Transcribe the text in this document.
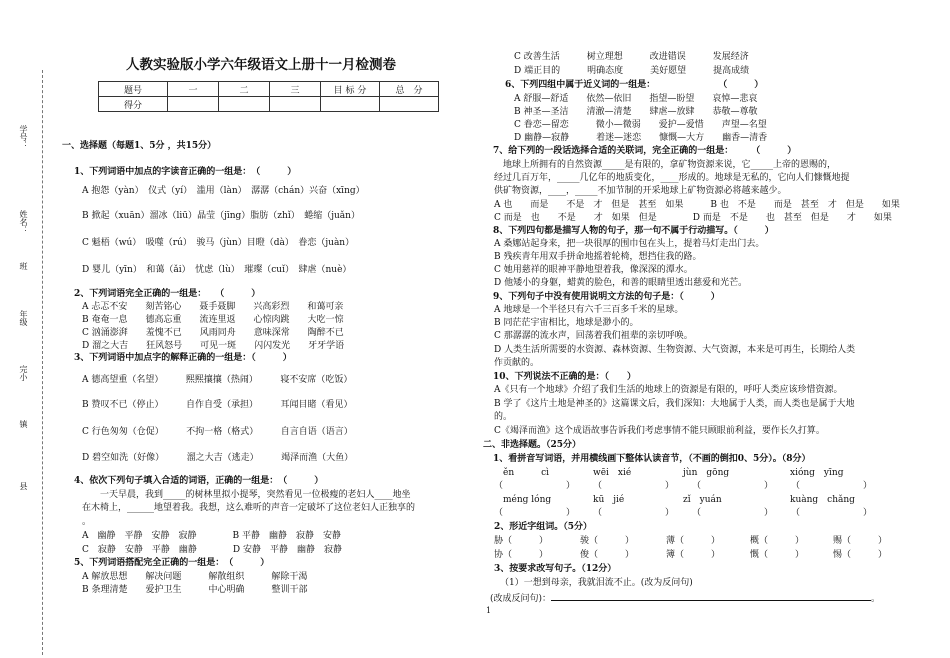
学号：
姓名：
班
年级
完小
镇
县
人教实验版小学六年级语文上册十一月检测卷
题号	一	二	三	目 标 分	总　分
得分					
一、选择题（每题1、5分 ，共15分）
1、下列词语中加点的字读音正确的一组是：　（　　　）
A 抱怨（yàn）　仪式（yí）　滥用（làn）　潺潺（chán）兴奋（xīng）
B 掀起（xuān）溜冰（liū）晶莹（jīng）脂肪（zhǐ）　蜷缩（juǎn）
C 魁梧（wú）　吸噬（rú）　骏马（jùn）目瞪（dà）　眷恋（juàn）
D 婴儿（yīn）　和蔼（ǎi）　忧虑（lù）　璀璨（cuǐ）　肆虐（nuè）
2、下列词语完全正确的一组是：　　（　　　）
A 忐忑不安　　刻苦铭心　　聂手聂脚　　兴高彩烈　　和蔼可亲
B 奄奄一息　　德高忘重　　流连里返　　心惊肉跳　　大吃一惊
C 汹涌澎湃　　羞愧不已　　风雨同舟　　意味深常　　陶醉不已
D 溜之大吉　　狂风怒号　　可见一斑　　闪闪发光　　牙牙学语
3、下列词语中加点字的解释正确的一组是：（　　　）
A 德高望重（名望）　　　熙熙攘攘（热闹）　　　寝不安席（吃饭）
B 赞叹不已（停止）　　　自作自受（承担）　　　耳闻目睹（看见）
C 行色匆匆（仓促）　　　不拘一格（格式）　　　自言自语（语言）
D 碧空如洗（好像）　　　溜之大吉（逃走）　　　竭泽而渔（大鱼）
4、依次下列句子填入合适的词语，正确的一组是：　（　　　）
　　一天早晨，我到_____的树林里拟小提琴，突然看见一位极瘦的老妇人____地坐
在木椅上，______地望着我。我想，这么难听的声音一定破坏了这位老妇人正独享的
。
A　幽静　平静　安静　寂静　　　　B 平静　幽静　寂静　安静
C　寂静　安静　平静　幽静　　　　D 安静　平静　幽静　寂静
5、下列词语搭配完全正确的一组是：　（　　　）
A 解放思想　　解决问题　　　解散组织　　　解除干渴
B 条理清楚　　爱护卫生　　　中心明确　　　整训干部
C 改善生活　　　树立理想　　　改进错误　　　发展经济
D 端正目的　　　明确态度　　　美好愿望　　　提高成绩
6、下列四组中属于近义词的一组是：　　　　　　　　（　　　）
A 舒服—舒适　　依然—依旧　　指望—盼望　　哀悼—悲哀
B 神圣—圣洁　　清澈—清楚　　肆虐—放肆　　恭敬—尊敬
C 眷恋—留恋　　　微小—微弱　　爱护—爱惜　　声望—名望
D 幽静—寂静　　　着迷—迷恋　　慷慨—大方　　幽香—清香
7、给下列的一段话选择合适的关联词，完全正确的一组是：　　　（　　　）
　地球上所拥有的自然资源_____是有限的，拿矿物资源来说，它_____上帝的恩赐的，
经过几百万年，_____几亿年的地质变化，____形成的。地球是无私的，它向人们慷慨地提
供矿物资源，____，_____不加节制的开采地球上矿物资源必将越来越少。
A 也　　而是　　不是　才　但是　甚至　如果　　　B 也　不是　　而是　甚至　才　但是　　如果
C 而是　也　　不是　　才　如果　但是　　　　D 而是　不是　　也　甚至　但是　　才　　如果
8、下列四句都是描写人物的句子，那一句不属于行动描写。（　　　）
A 桑娜站起身来，把一块很厚的围巾包在头上，提着马灯走出门去。
B 残疾青年用双手拼命地摇着轮椅，想挡住我的路。
C 她用慈祥的眼神平静地望着我，像深深的潭水。
D 他矮小的身躯，蜡黄的脸色，和善的眼睛里透出慈爱和光芒。
9、下列句子中没有使用说明文方法的句子是：（　　　）
A 地球是一个半径只有六千三百多千米的星球。
B 同茫茫宇宙相比，地球是渺小的。
C 那潺潺的流水声，回荡着我们祖辈的亲切呼唤。
D 人类生活所需要的水资源、森林资源、生物资源、大气资源，本来是可再生，长期给人类
作贡献的。
10、下列说法不正确的是：（　　）
A《只有一个地球》介绍了我们生活的地球上的资源是有限的，呼吁人类应该珍惜资源。
B 学了《这片土地是神圣的》这篇课文后，我们深知：大地属于人类，而人类也是属于大地
的。
C《竭泽而渔》这个成语故事告诉我们考虑事情不能只顾眼前利益，要作长久打算。
二、非选择题。（25分）
1、看拼音写词语，并用横线画下整体认读音节，（不画的倒扣0、5分）。（8分）
ěn　　　cì	wēi　xié	jùn　gōng	xióng　yīng
（　　　　　　　）　　　（　　　　　　　）　　　（　　　　　　　）　　　（　　　　　　　）
méng lóng	kū　jié	zǐ　yuán	kuàng　chǎng
（　　　　　　　）　　　（　　　　　　　）　　　（　　　　　　　）　　　（　　　　　　　）
2、形近字组词。（5分）
胁（　　　）	骏（　　　）	薄（　　　）	概（　　　）	赐（　　　）
协（　　　）	俊（　　　）	簿（　　　）	慨（　　　）	惕（　　　）
3、按要求改写句子。（12分）
（1）一想到母亲，我就泪流不止。(改为反问句)
(改成反问句)：	。
1
